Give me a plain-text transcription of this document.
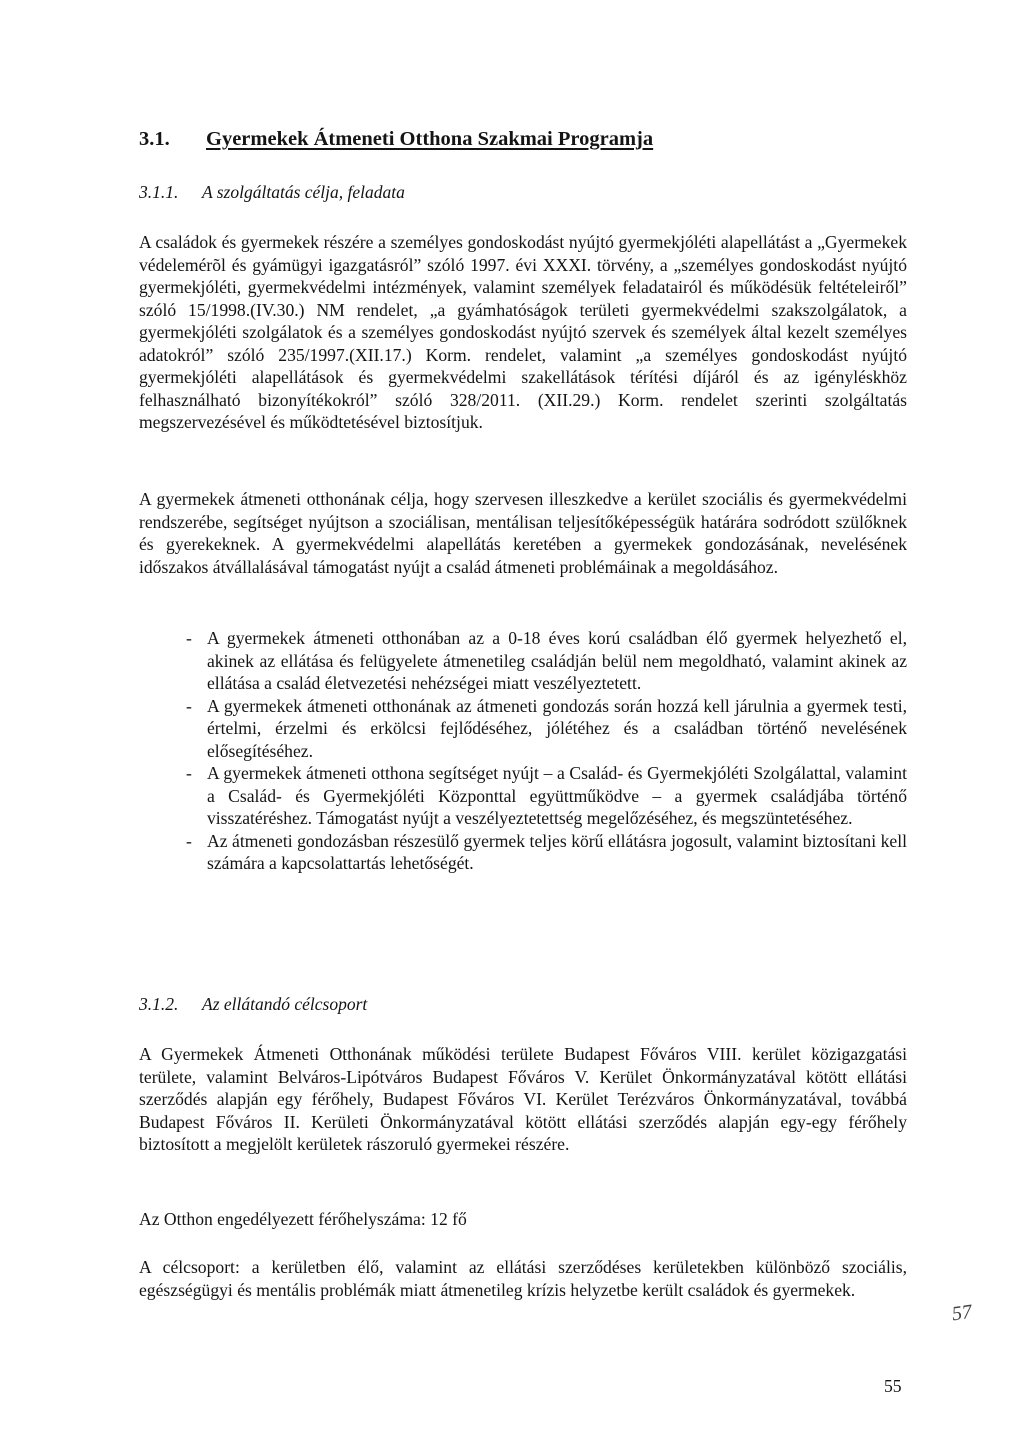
3.1. Gyermekek Átmeneti Otthona Szakmai Programja
3.1.1. A szolgáltatás célja, feladata

A családok és gyermekek részére a személyes gondoskodást nyújtó gyermekjóléti alapellátást a „Gyermekek védelemérõl és gyámügyi igazgatásról” szóló 1997. évi XXXI. törvény, a „személyes gondoskodást nyújtó gyermekjóléti, gyermekvédelmi intézmények, valamint személyek feladatairól és működésük feltételeiről” szóló 15/1998.(IV.30.) NM rendelet, „a gyámhatóságok területi gyermekvédelmi szakszolgálatok, a gyermekjóléti szolgálatok és a személyes gondoskodást nyújtó szervek és személyek által kezelt személyes adatokról” szóló 235/1997.(XII.17.) Korm. rendelet, valamint „a személyes gondoskodást nyújtó gyermekjóléti alapellátások és gyermekvédelmi szakellátások térítési díjáról és az igényléskhöz felhasználható bizonyítékokról” szóló 328/2011. (XII.29.) Korm. rendelet szerinti szolgáltatás megszervezésével és működtetésével biztosítjuk.

A gyermekek átmeneti otthonának célja, hogy szervesen illeszkedve a kerület szociális és gyermekvédelmi rendszerébe, segítséget nyújtson a szociálisan, mentálisan teljesítőképességük határára sodródott szülőknek és gyerekeknek. A gyermekvédelmi alapellátás keretében a gyermekek gondozásának, nevelésének időszakos átvállalásával támogatást nyújt a család átmeneti problémáinak a megoldásához.

- A gyermekek átmeneti otthonában az a 0-18 éves korú családban élő gyermek helyezhető el, akinek az ellátása és felügyelete átmenetileg családján belül nem megoldható, valamint akinek az ellátása a család életvezetési nehézségei miatt veszélyeztetett.
- A gyermekek átmeneti otthonának az átmeneti gondozás során hozzá kell járulnia a gyermek testi, értelmi, érzelmi és erkölcsi fejlődéséhez, jólétéhez és a családban történő nevelésének elősegítéséhez.
- A gyermekek átmeneti otthona segítséget nyújt – a Család- és Gyermekjóléti Szolgálattal, valamint a Család- és Gyermekjóléti Központtal együttműködve – a gyermek családjába történő visszatéréshez. Támogatást nyújt a veszélyeztetettség megelőzéséhez, és megszüntetéséhez.
- Az átmeneti gondozásban részesülő gyermek teljes körű ellátásra jogosult, valamint biztosítani kell számára a kapcsolattartás lehetőségét.
3.1.2. Az ellátandó célcsoport

A Gyermekek Átmeneti Otthonának működési területe Budapest Főváros VIII. kerület közigazgatási területe, valamint Belváros-Lipótváros Budapest Főváros V. Kerület Önkormányzatával kötött ellátási szerződés alapján egy férőhely, Budapest Főváros VI. Kerület Terézváros Önkormányzatával, továbbá Budapest Főváros II. Kerületi Önkormányzatával kötött ellátási szerződés alapján egy-egy férőhely biztosított a megjelölt kerületek rászoruló gyermekei részére.

Az Otthon engedélyezett férőhelyszáma: 12 fő

A célcsoport: a kerületben élő, valamint az ellátási szerződéses kerületekben különböző szociális, egészségügyi és mentális problémák miatt átmenetileg krízis helyzetbe került családok és gyermekek.

57
55
